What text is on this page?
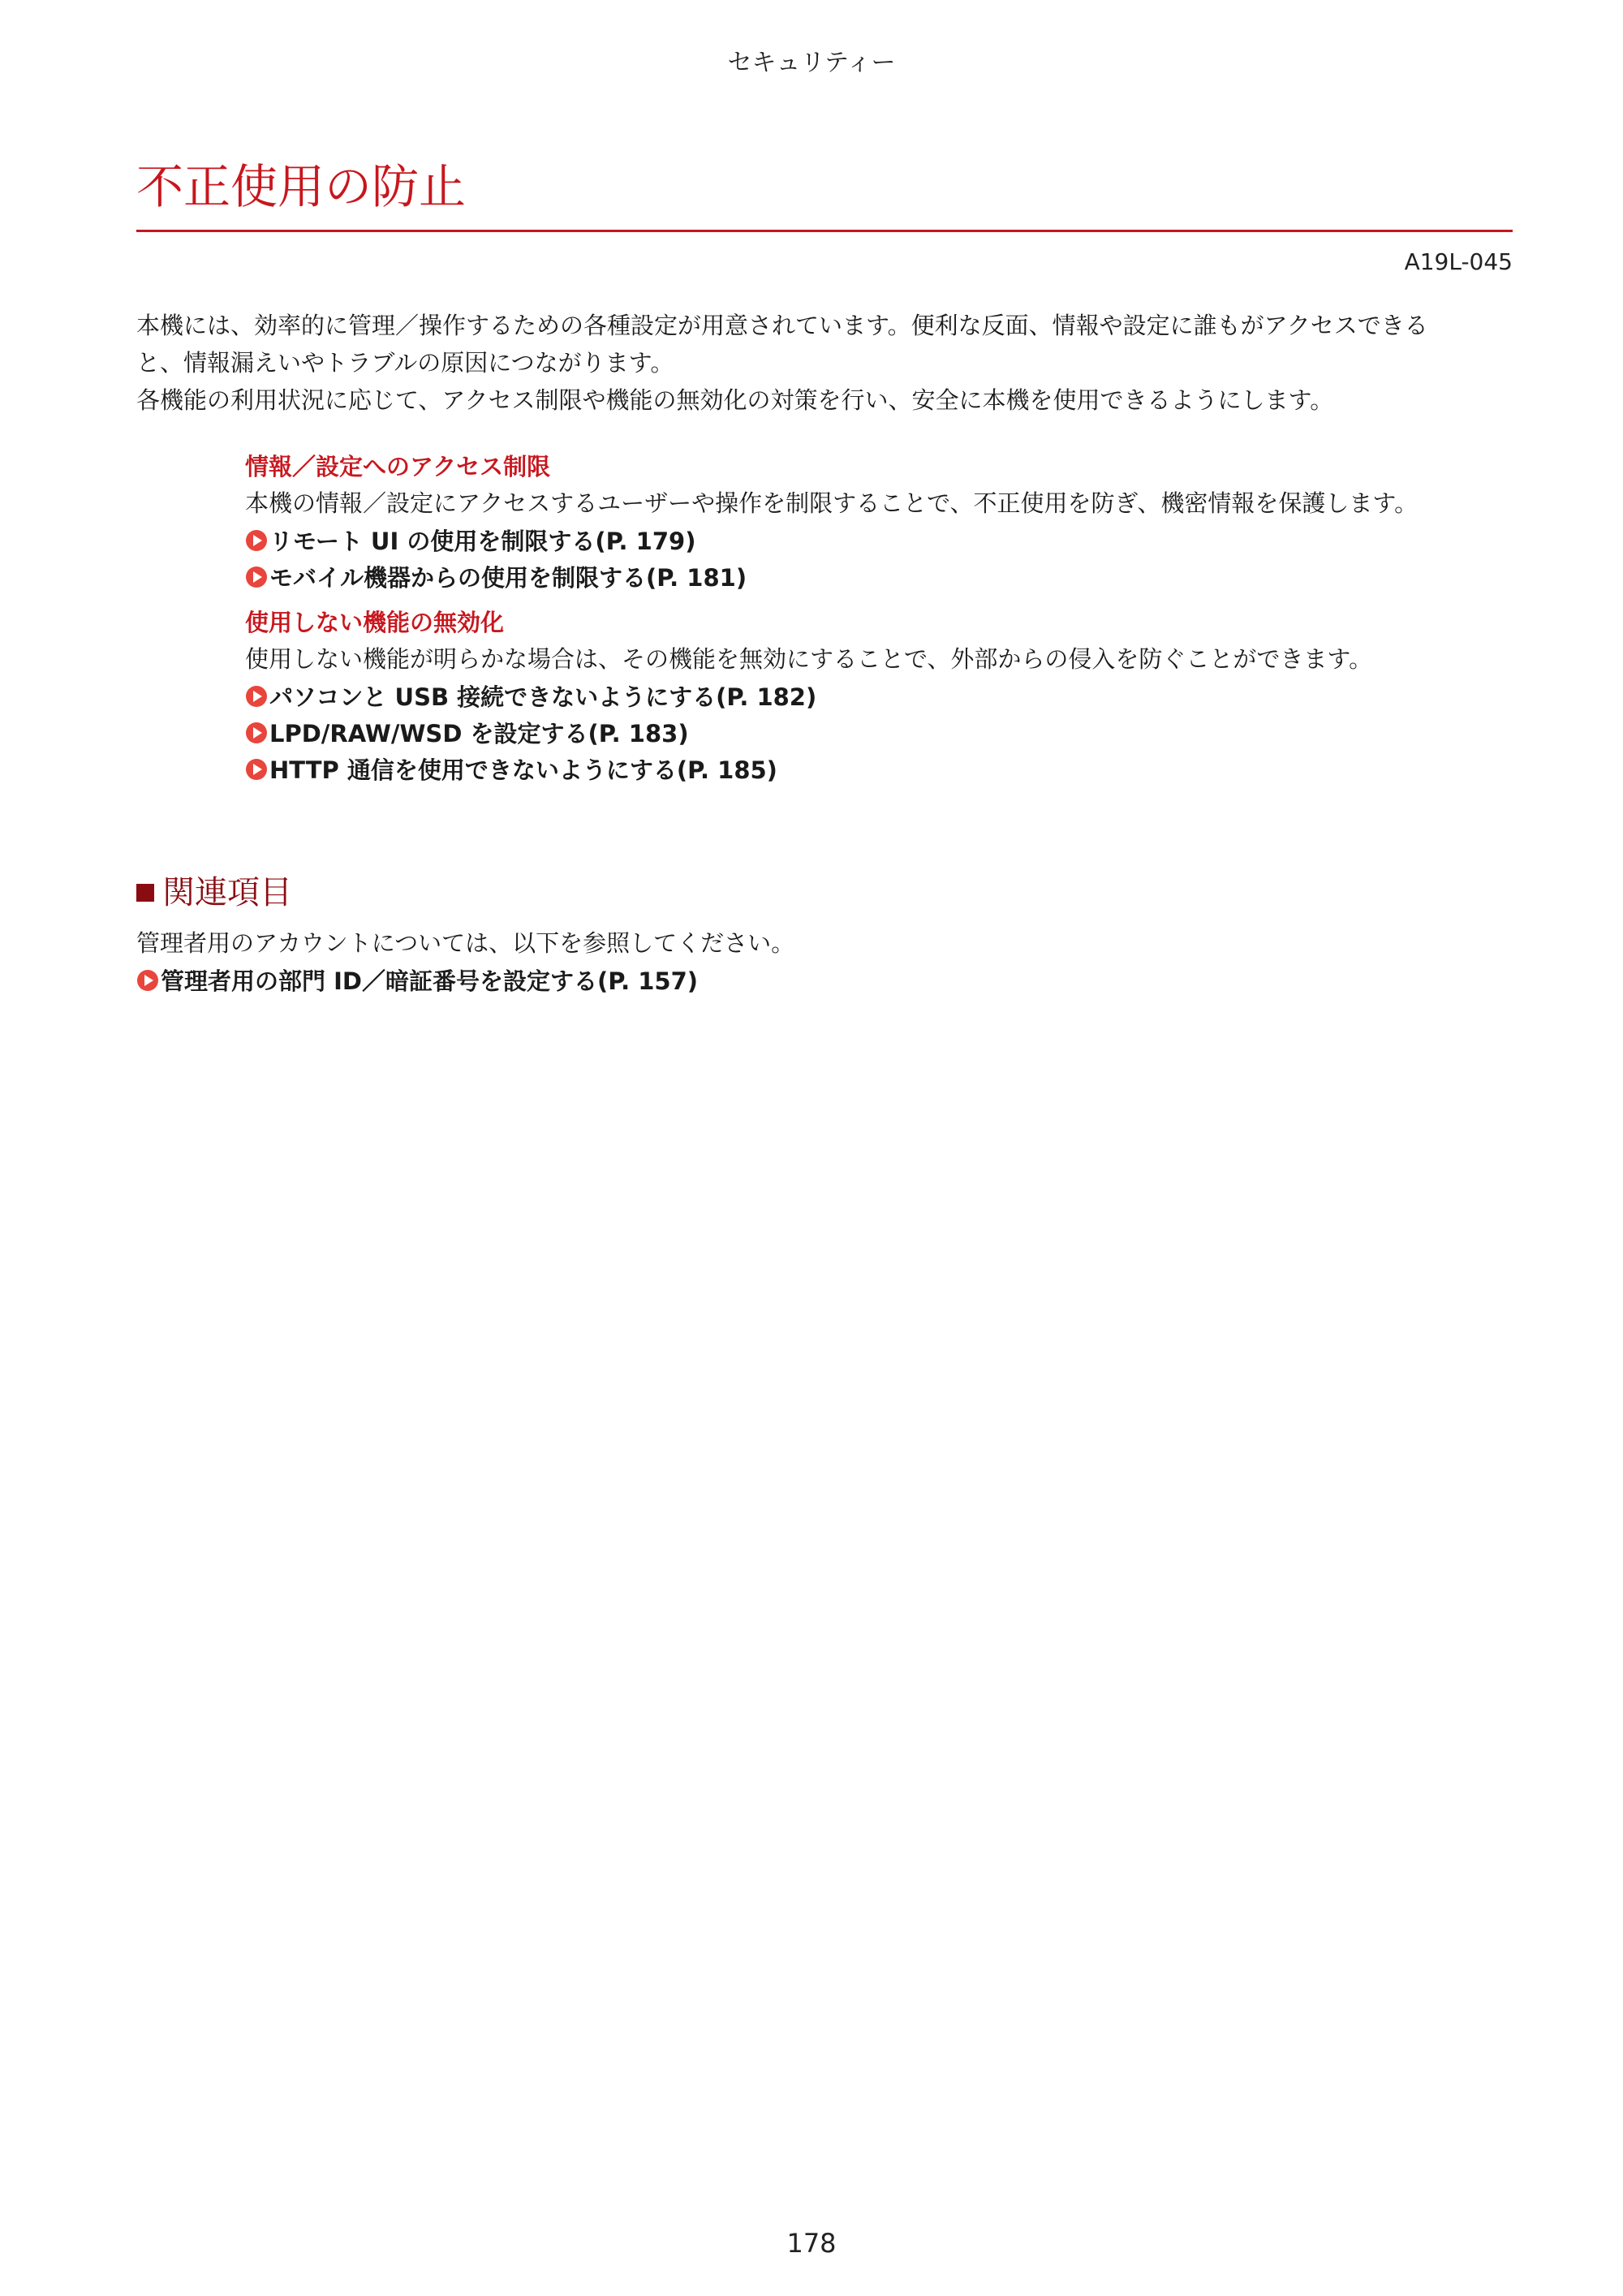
セキュリティー
不正使用の防止
A19L-045

本機には、効率的に管理／操作するための各種設定が用意されています。便利な反面、情報や設定に誰もがアクセスできる

と、情報漏えいやトラブルの原因につながります。

各機能の利用状況に応じて、アクセス制限や機能の無効化の対策を行い、安全に本機を使用できるようにします。

情報／設定へのアクセス制限
本機の情報／設定にアクセスするユーザーや操作を制限することで、不正使用を防ぎ、機密情報を保護します。
リモート UI の使用を制限する(P. 179)
モバイル機器からの使用を制限する(P. 181)
使用しない機能の無効化
使用しない機能が明らかな場合は、その機能を無効にすることで、外部からの侵入を防ぐことができます。
パソコンと USB 接続できないようにする(P. 182)
LPD/RAW/WSD を設定する(P. 183)
HTTP 通信を使用できないようにする(P. 185)
関連項目
管理者用のアカウントについては、以下を参照してください。
管理者用の部門 ID／暗証番号を設定する(P. 157)
178
